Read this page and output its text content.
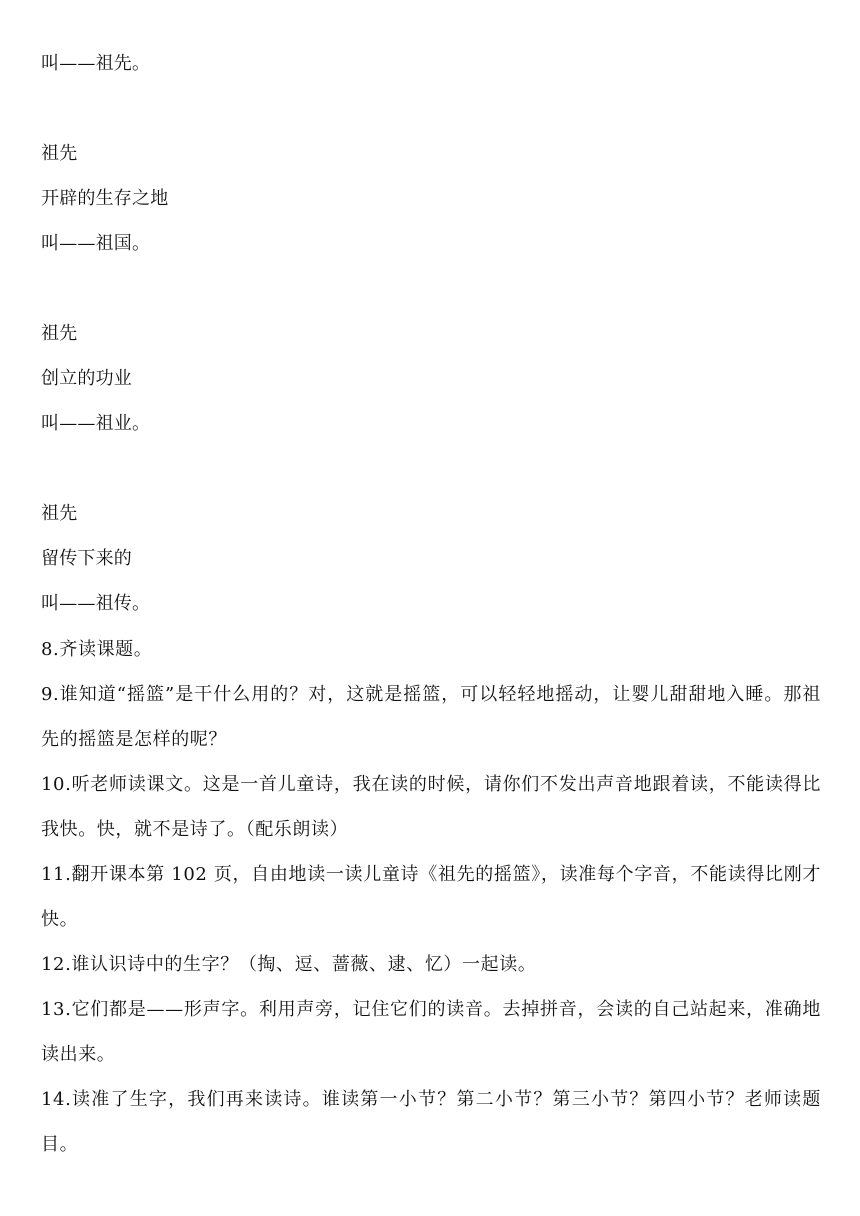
叫——祖先。
祖先
开辟的生存之地
叫——祖国。
祖先
创立的功业
叫——祖业。
祖先
留传下来的
叫——祖传。
8.齐读课题。
9.谁知道“摇篮”是干什么用的？对，这就是摇篮，可以轻轻地摇动，让婴儿甜甜地入睡。那祖先的摇篮是怎样的呢？
10.听老师读课文。这是一首儿童诗，我在读的时候，请你们不发出声音地跟着读，不能读得比我快。快，就不是诗了。（配乐朗读）
11.翻开课本第 102 页，自由地读一读儿童诗《祖先的摇篮》，读准每个字音，不能读得比刚才快。
12.谁认识诗中的生字？（掏、逗、蔷薇、逮、忆）一起读。
13.它们都是——形声字。利用声旁，记住它们的读音。去掉拼音，会读的自己站起来，准确地读出来。
14.读准了生字，我们再来读诗。谁读第一小节？第二小节？第三小节？第四小节？老师读题目。
